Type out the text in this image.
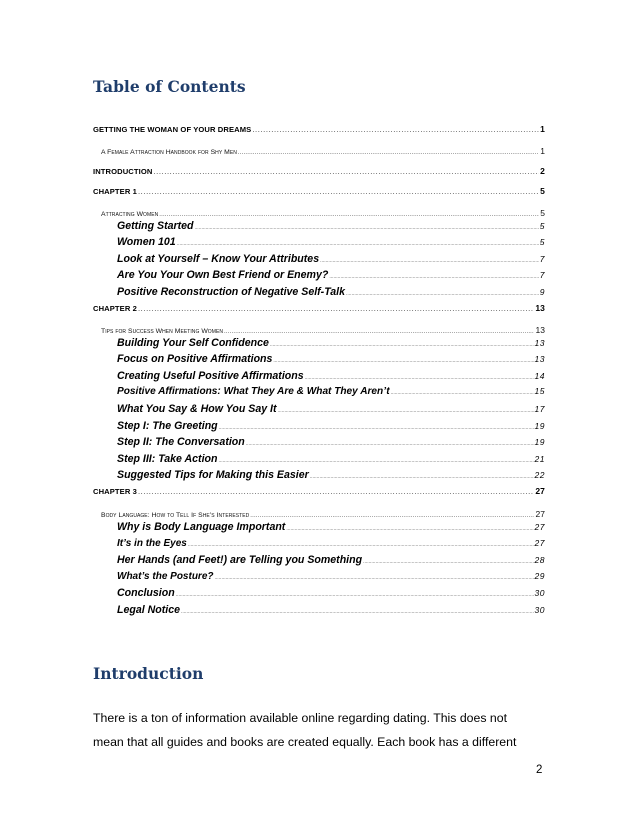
Table of Contents
GETTING THE WOMAN OF YOUR DREAMS .....	1
A Female Attraction Handbook for Shy Men .....	1
INTRODUCTION .....	2
CHAPTER 1 .....	5
Attracting Women .....	5
Getting Started .....	5
Women 101 .....	5
Look at Yourself – Know Your Attributes .....	7
Are You Your Own Best Friend or Enemy? .....	7
Positive Reconstruction of Negative Self-Talk .....	9
CHAPTER 2 .....	13
Tips for Success When Meeting Women .....	13
Building Your Self Confidence .....	13
Focus on Positive Affirmations .....	13
Creating Useful Positive Affirmations .....	14
Positive Affirmations: What They Are & What They Aren’t .....	15
What You Say & How You Say It .....	17
Step I: The Greeting .....	19
Step II: The Conversation .....	19
Step III: Take Action .....	21
Suggested Tips for Making this Easier .....	22
CHAPTER 3 .....	27
Body Language: How to Tell If She’s Interested .....	27
Why is Body Language Important .....	27
It’s in the Eyes .....	27
Her Hands (and Feet!) are Telling you Something .....	28
What’s the Posture? .....	29
Conclusion .....	30
Legal Notice .....	30
Introduction
There is a ton of information available online regarding dating. This does not
mean that all guides and books are created equally. Each book has a different
2
